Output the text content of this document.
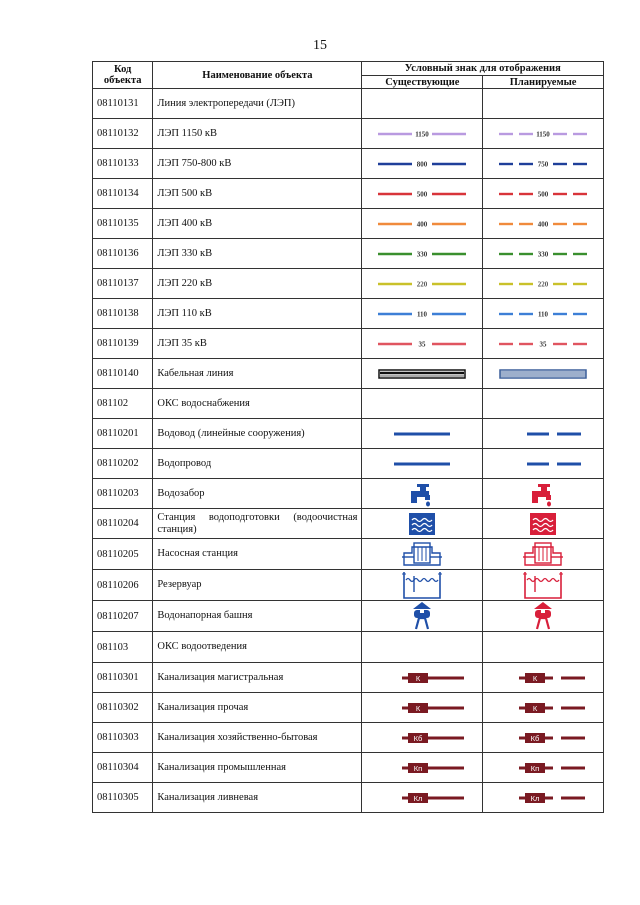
15
Код объекта	Наименование объекта	Условный знак для отображения	
		Существующие	Планируемые
08110131	Линия электропередачи (ЛЭП)		
08110132	ЛЭП 1150 кВ	1150	1150

08110133	ЛЭП 750-800 кВ	800	750

08110134	ЛЭП 500 кВ	500	500

08110135	ЛЭП 400 кВ	400	400

08110136	ЛЭП 330 кВ	330	330

08110137	ЛЭП 220 кВ	220	220

08110138	ЛЭП 110 кВ	110	110

08110139	ЛЭП 35 кВ	35	35

08110140	Кабельная линия	

081102	ОКС водоснабжения		
08110201	Водовод (линейные сооружения)	

08110202	Водопровод	

08110203	Водозабор	

08110204	Станция водоподготовки (водоочистная станция)	

08110205	Насосная станция	

08110206	Резервуар	

08110207	Водонапорная башня	

081103	ОКС водоотведения		
08110301	Канализация магистральная	К	К

08110302	Канализация прочая	К	К

08110303	Канализация хозяйственно-бытовая	Кб	Кб

08110304	Канализация промышленная	Кп	Кп

08110305	Канализация ливневая	Кл	Кл
